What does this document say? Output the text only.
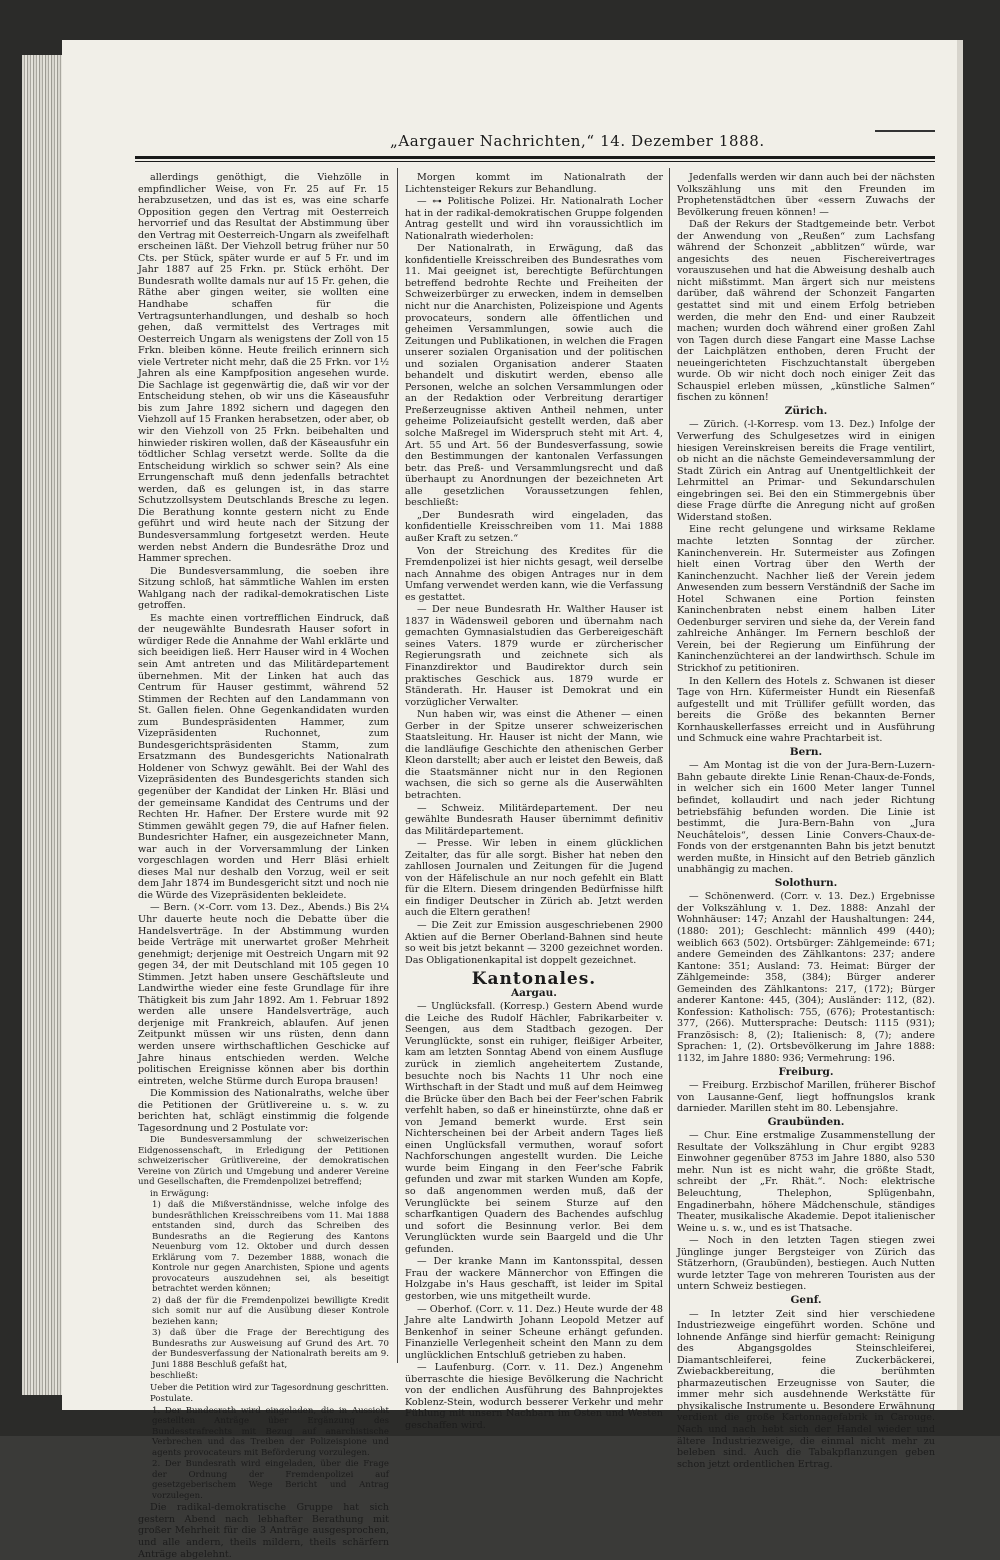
„Aargauer Nachrichten,“ 14. Dezember 1888.

allerdings genöthigt, die Viehzölle in empfindlicher Weise, von Fr. 25 auf Fr. 15 herabzusetzen, und das ist es, was eine scharfe Opposition gegen den Vertrag mit Oesterreich hervorrief und das Resultat der Abstimmung über den Vertrag mit Oesterreich-Ungarn als zweifelhaft erscheinen läßt. Der Viehzoll betrug früher nur 50 Cts. per Stück, später wurde er auf 5 Fr. und im Jahr 1887 auf 25 Frkn. pr. Stück erhöht. Der Bundesrath wollte damals nur auf 15 Fr. gehen, die Räthe aber gingen weiter, sie wollten eine Handhabe schaffen für die Vertragsunterhandlungen, und deshalb so hoch gehen, daß vermittelst des Vertrages mit Oesterreich Ungarn als wenigstens der Zoll von 15 Frkn. bleiben könne. Heute freilich erinnern sich viele Vertreter nicht mehr, daß die 25 Frkn. vor 1½ Jahren als eine Kampfposition angesehen wurde. Die Sachlage ist gegenwärtig die, daß wir vor der Entscheidung stehen, ob wir uns die Käseausfuhr bis zum Jahre 1892 sichern und dagegen den Viehzoll auf 15 Franken herabsetzen, oder aber, ob wir den Viehzoll von 25 Frkn. beibehalten und hinwieder riskiren wollen, daß der Käseausfuhr ein tödtlicher Schlag versetzt werde. Sollte da die Entscheidung wirklich so schwer sein? Als eine Errungenschaft muß denn jedenfalls betrachtet werden, daß es gelungen ist, in das starre Schutzzollsystem Deutschlands Bresche zu legen. Die Berathung konnte gestern nicht zu Ende geführt und wird heute nach der Sitzung der Bundesversammlung fortgesetzt werden. Heute werden nebst Andern die Bundesräthe Droz und Hammer sprechen.

Die Bundesversammlung, die soeben ihre Sitzung schloß, hat sämmtliche Wahlen im ersten Wahlgang nach der radikal-demokratischen Liste getroffen.

Es machte einen vortrefflichen Eindruck, daß der neugewählte Bundesrath Hauser sofort in würdiger Rede die Annahme der Wahl erklärte und sich beeidigen ließ. Herr Hauser wird in 4 Wochen sein Amt antreten und das Militärdepartement übernehmen. Mit der Linken hat auch das Centrum für Hauser gestimmt, während 52 Stimmen der Rechten auf den Landammann von St. Gallen fielen. Ohne Gegenkandidaten wurden zum Bundespräsidenten Hammer, zum Vizepräsidenten Ruchonnet, zum Bundesgerichtspräsidenten Stamm, zum Ersatzmann des Bundesgerichts Nationalrath Holdener von Schwyz gewählt. Bei der Wahl des Vizepräsidenten des Bundesgerichts standen sich gegenüber der Kandidat der Linken Hr. Bläsi und der gemeinsame Kandidat des Centrums und der Rechten Hr. Hafner. Der Erstere wurde mit 92 Stimmen gewählt gegen 79, die auf Hafner fielen. Bundesrichter Hafner, ein ausgezeichneter Mann, war auch in der Vorversammlung der Linken vorgeschlagen worden und Herr Bläsi erhielt dieses Mal nur deshalb den Vorzug, weil er seit dem Jahr 1874 im Bundesgericht sitzt und noch nie die Würde des Vizepräsidenten bekleidete.

— Bern. (⨯-Corr. vom 13. Dez., Abends.) Bis 2¼ Uhr dauerte heute noch die Debatte über die Handelsverträge. In der Abstimmung wurden beide Verträge mit unerwartet großer Mehrheit genehmigt; derjenige mit Oestreich Ungarn mit 92 gegen 34, der mit Deutschland mit 105 gegen 10 Stimmen. Jetzt haben unsere Geschäftsleute und Landwirthe wieder eine feste Grundlage für ihre Thätigkeit bis zum Jahr 1892. Am 1. Februar 1892 werden alle unsere Handelsverträge, auch derjenige mit Frankreich, ablaufen. Auf jenen Zeitpunkt müssen wir uns rüsten, denn dann werden unsere wirthschaftlichen Geschicke auf Jahre hinaus entschieden werden. Welche politischen Ereignisse können aber bis dorthin eintreten, welche Stürme durch Europa brausen!

Die Kommission des Nationalraths, welche über die Petitionen der Grütlivereine u. s. w. zu berichten hat, schlägt einstimmig die folgende Tagesordnung und 2 Postulate vor:

Die Bundesversammlung der schweizerischen Eidgenossenschaft, in Erledigung der Petitionen schweizerischer Grütlivereine, der demokratischen Vereine von Zürich und Umgebung und anderer Vereine und Gesellschaften, die Fremdenpolizei betreffend;

in Erwägung:

1) daß die Mißverständnisse, welche infolge des bundesräthlichen Kreisschreibens vom 11. Mai 1888 entstanden sind, durch das Schreiben des Bundesraths an die Regierung des Kantons Neuenburg vom 12. Oktober und durch dessen Erklärung vom 7. Dezember 1888, wonach die Kontrole nur gegen Anarchisten, Spione und agents provocateurs auszudehnen sei, als beseitigt betrachtet werden können;

2) daß der für die Fremdenpolizei bewilligte Kredit sich somit nur auf die Ausübung dieser Kontrole beziehen kann;

3) daß über die Frage der Berechtigung des Bundesraths zur Ausweisung auf Grund des Art. 70 der Bundesverfassung der Nationalrath bereits am 9. Juni 1888 Beschluß gefaßt hat,

beschließt:

Ueber die Petition wird zur Tagesordnung geschritten.

Postulate.

1. Der Bundesrath wird eingeladen, die in Aussicht gestellten Anträge über Ergänzung des Bundesstrafrechts mit Bezug auf anarchistische Verbrechen und das Treiben der Polizeispione und agents provocateurs mit Beförderung vorzulegen.

2. Der Bundesrath wird eingeladen, über die Frage der Ordnung der Fremdenpolizei auf gesetzgeberischem Wege Bericht und Antrag vorzulegen.

Die radikal-demokratische Gruppe hat sich gestern Abend nach lebhafter Berathung mit großer Mehrheit für die 3 Anträge ausgesprochen, und alle andern, theils mildern, theils schärfern Anträge abgelehnt.

Morgen kommt im Nationalrath der Lichtensteiger Rekurs zur Behandlung.

— ⊶ Politische Polizei. Hr. Nationalrath Locher hat in der radikal-demokratischen Gruppe folgenden Antrag gestellt und wird ihn voraussichtlich im Nationalrath wiederholen:

Der Nationalrath, in Erwägung, daß das konfidentielle Kreisschreiben des Bundesrathes vom 11. Mai geeignet ist, berechtigte Befürchtungen betreffend bedrohte Rechte und Freiheiten der Schweizerbürger zu erwecken, indem in demselben nicht nur die Anarchisten, Polizeispione und Agents provocateurs, sondern alle öffentlichen und geheimen Versammlungen, sowie auch die Zeitungen und Publikationen, in welchen die Fragen unserer sozialen Organisation und der politischen und sozialen Organisation anderer Staaten behandelt und diskutirt werden, ebenso alle Personen, welche an solchen Versammlungen oder an der Redaktion oder Verbreitung derartiger Preßerzeugnisse aktiven Antheil nehmen, unter geheime Polizeiaufsicht gestellt werden, daß aber solche Maßregel im Widerspruch steht mit Art. 4, Art. 55 und Art. 56 der Bundesverfassung, sowie den Bestimmungen der kantonalen Verfassungen betr. das Preß- und Versammlungsrecht und daß überhaupt zu Anordnungen der bezeichneten Art alle gesetzlichen Voraussetzungen fehlen, beschließt:

„Der Bundesrath wird eingeladen, das konfidentielle Kreisschreiben vom 11. Mai 1888 außer Kraft zu setzen.“

Von der Streichung des Kredites für die Fremdenpolizei ist hier nichts gesagt, weil derselbe nach Annahme des obigen Antrages nur in dem Umfang verwendet werden kann, wie die Verfassung es gestattet.

— Der neue Bundesrath Hr. Walther Hauser ist 1837 in Wädensweil geboren und übernahm nach gemachten Gymnasialstudien das Gerbereigeschäft seines Vaters. 1879 wurde er zürcherischer Regierungsrath und zeichnete sich als Finanzdirektor und Baudirektor durch sein praktisches Geschick aus. 1879 wurde er Ständerath. Hr. Hauser ist Demokrat und ein vorzüglicher Verwalter.

Nun haben wir, was einst die Athener — einen Gerber in der Spitze unserer schweizerischen Staatsleitung. Hr. Hauser ist nicht der Mann, wie die landläufige Geschichte den athenischen Gerber Kleon darstellt; aber auch er leistet den Beweis, daß die Staatsmänner nicht nur in den Regionen wachsen, die sich so gerne als die Auserwählten betrachten.

— Schweiz. Militärdepartement. Der neu gewählte Bundesrath Hauser übernimmt definitiv das Militärdepartement.

— Presse. Wir leben in einem glücklichen Zeitalter, das für alle sorgt. Bisher hat neben den zahllosen Journalen und Zeitungen für die Jugend von der Häfelischule an nur noch gefehlt ein Blatt für die Eltern. Diesem dringenden Bedürfnisse hilft ein findiger Deutscher in Zürich ab. Jetzt werden auch die Eltern gerathen!

— Die Zeit zur Emission ausgeschriebenen 2900 Aktien auf die Berner Oberland-Bahnen sind heute so weit bis jetzt bekannt — 3200 gezeichnet worden. Das Obligationenkapital ist doppelt gezeichnet.

Kantonales.
Aargau.

— Unglücksfall. (Korresp.) Gestern Abend wurde die Leiche des Rudolf Hächler, Fabrikarbeiter v. Seengen, aus dem Stadtbach gezogen. Der Verunglückte, sonst ein ruhiger, fleißiger Arbeiter, kam am letzten Sonntag Abend von einem Ausfluge zurück in ziemlich angeheitertem Zustande, besuchte noch bis Nachts 11 Uhr noch eine Wirthschaft in der Stadt und muß auf dem Heimweg die Brücke über den Bach bei der Feer'schen Fabrik verfehlt haben, so daß er hineinstürzte, ohne daß er von Jemand bemerkt wurde. Erst sein Nichterscheinen bei der Arbeit andern Tages ließ einen Unglücksfall vermuthen, worauf sofort Nachforschungen angestellt wurden. Die Leiche wurde beim Eingang in den Feer'sche Fabrik gefunden und zwar mit starken Wunden am Kopfe, so daß angenommen werden muß, daß der Verunglückte bei seinem Sturze auf den scharfkantigen Quadern des Bachendes aufschlug und sofort die Besinnung verlor. Bei dem Verunglückten wurde sein Baargeld und die Uhr gefunden.

— Der kranke Mann im Kantonsspital, dessen Frau der wackere Männerchor von Effingen die Holzgabe in's Haus geschafft, ist leider im Spital gestorben, wie uns mitgetheilt wurde.

— Oberhof. (Corr. v. 11. Dez.) Heute wurde der 48 Jahre alte Landwirth Johann Leopold Metzer auf Benkenhof in seiner Scheune erhängt gefunden. Finanzielle Verlegenheit scheint den Mann zu dem unglücklichen Entschluß getrieben zu haben.

— Laufenburg. (Corr. v. 11. Dez.) Angenehm überraschte die hiesige Bevölkerung die Nachricht von der endlichen Ausführung des Bahnprojektes Koblenz-Stein, wodurch besserer Verkehr und mehr Fühlung mit unsern Nachbarn im Osten und Westen geschaffen wird.

Jedenfalls werden wir dann auch bei der nächsten Volkszählung uns mit den Freunden im Prophetenstädtchen über «essern Zuwachs der Bevölkerung freuen können! —

Daß der Rekurs der Stadtgemeinde betr. Verbot der Anwendung von „Reußen“ zum Lachsfang während der Schonzeit „abblitzen“ würde, war angesichts des neuen Fischereivertrages vorauszusehen und hat die Abweisung deshalb auch nicht mißstimmt. Man ärgert sich nur meistens darüber, daß während der Schonzeit Fangarten gestattet sind mit und einem Erfolg betrieben werden, die mehr den End- und einer Raubzeit machen; wurden doch während einer großen Zahl von Tagen durch diese Fangart eine Masse Lachse der Laichplätzen enthoben, deren Frucht der neueingerichteten Fischzuchtanstalt übergeben wurde. Ob wir nicht doch noch einiger Zeit das Schauspiel erleben müssen, „künstliche Salmen“ fischen zu können!

Zürich.

— Zürich. (-l-Korresp. vom 13. Dez.) Infolge der Verwerfung des Schulgesetzes wird in einigen hiesigen Vereinskreisen bereits die Frage ventilirt, ob nicht an die nächste Gemeindeversammlung der Stadt Zürich ein Antrag auf Unentgeltlichkeit der Lehrmittel an Primar- und Sekundarschulen eingebringen sei. Bei den ein Stimmergebnis über diese Frage dürfte die Anregung nicht auf großen Widerstand stoßen.

Eine recht gelungene und wirksame Reklame machte letzten Sonntag der zürcher. Kaninchenverein. Hr. Sutermeister aus Zofingen hielt einen Vortrag über den Werth der Kaninchenzucht. Nachher ließ der Verein jedem Anwesenden zum bessern Verständniß der Sache im Hotel Schwanen eine Portion feinsten Kaninchenbraten nebst einem halben Liter Oedenburger serviren und siehe da, der Verein fand zahlreiche Anhänger. Im Fernern beschloß der Verein, bei der Regierung um Einführung der Kaninchenzüchterei an der landwirthsch. Schule im Strickhof zu petitioniren.

In den Kellern des Hotels z. Schwanen ist dieser Tage von Hrn. Küfermeister Hundt ein Riesenfaß aufgestellt und mit Trüllifer gefüllt worden, das bereits die Größe des bekannten Berner Kornhauskellerfasses erreicht und in Ausführung und Schmuck eine wahre Prachtarbeit ist.

Bern.

— Am Montag ist die von der Jura-Bern-Luzern-Bahn gebaute direkte Linie Renan-Chaux-de-Fonds, in welcher sich ein 1600 Meter langer Tunnel befindet, kollaudirt und nach jeder Richtung betriebsfähig befunden worden. Die Linie ist bestimmt, die Jura-Bern-Bahn von „Jura Neuchâtelois“, dessen Linie Convers-Chaux-de-Fonds von der erstgenannten Bahn bis jetzt benutzt werden mußte, in Hinsicht auf den Betrieb gänzlich unabhängig zu machen.

Solothurn.

— Schönenwerd. (Corr. v. 13. Dez.) Ergebnisse der Volkszählung v. 1. Dez. 1888: Anzahl der Wohnhäuser: 147; Anzahl der Haushaltungen: 244, (1880: 201); Geschlecht: männlich 499 (440); weiblich 663 (502). Ortsbürger: Zählgemeinde: 671; andere Gemeinden des Zählkantons: 237; andere Kantone: 351; Ausland: 73. Heimat: Bürger der Zählgemeinde: 358, (384); Bürger anderer Gemeinden des Zählkantons: 217, (172); Bürger anderer Kantone: 445, (304); Ausländer: 112, (82). Konfession: Katholisch: 755, (676); Protestantisch: 377, (266). Muttersprache: Deutsch: 1115 (931); Französisch: 8, (2); Italienisch: 8, (7); andere Sprachen: 1, (2). Ortsbevölkerung im Jahre 1888: 1132, im Jahre 1880: 936; Vermehrung: 196.

Freiburg.

— Freiburg. Erzbischof Marillen, früherer Bischof von Lausanne-Genf, liegt hoffnungslos krank darnieder. Marillen steht im 80. Lebensjahre.

Graubünden.

— Chur. Eine erstmalige Zusammenstellung der Resultate der Volkszählung in Chur ergibt 9283 Einwohner gegenüber 8753 im Jahre 1880, also 530 mehr. Nun ist es nicht wahr, die größte Stadt, schreibt der „Fr. Rhät.“. Noch: elektrische Beleuchtung, Thelephon, Splügenbahn, Engadinerbahn, höhere Mädchenschule, ständiges Theater, musikalische Akademie. Depot italienischer Weine u. s. w., und es ist Thatsache.

— Noch in den letzten Tagen stiegen zwei Jünglinge junger Bergsteiger von Zürich das Stätzerhorn, (Graubünden), bestiegen. Auch Nutten wurde letzter Tage von mehreren Touristen aus der untern Schweiz bestiegen.

Genf.

— In letzter Zeit sind hier verschiedene Industriezweige eingeführt worden. Schöne und lohnende Anfänge sind hierfür gemacht: Reinigung des Abgangsgoldes Steinschleiferei, Diamantschleiferei, feine Zuckerbäckerei, Zwiebackbereitung, die berühmten pharmazeutischen Erzeugnisse von Sauter, die immer mehr sich ausdehnende Werkstätte für physikalische Instrumente u. Besondere Erwähnung verdient die große Kartonnagefabrik in Carouge. Nach und nach hebt sich der Handel wieder und ältere Industriezweige, die einmal nicht mehr zu beleben sind. Auch die Tabakpflanzungen geben schon jetzt ordentlichen Ertrag.
